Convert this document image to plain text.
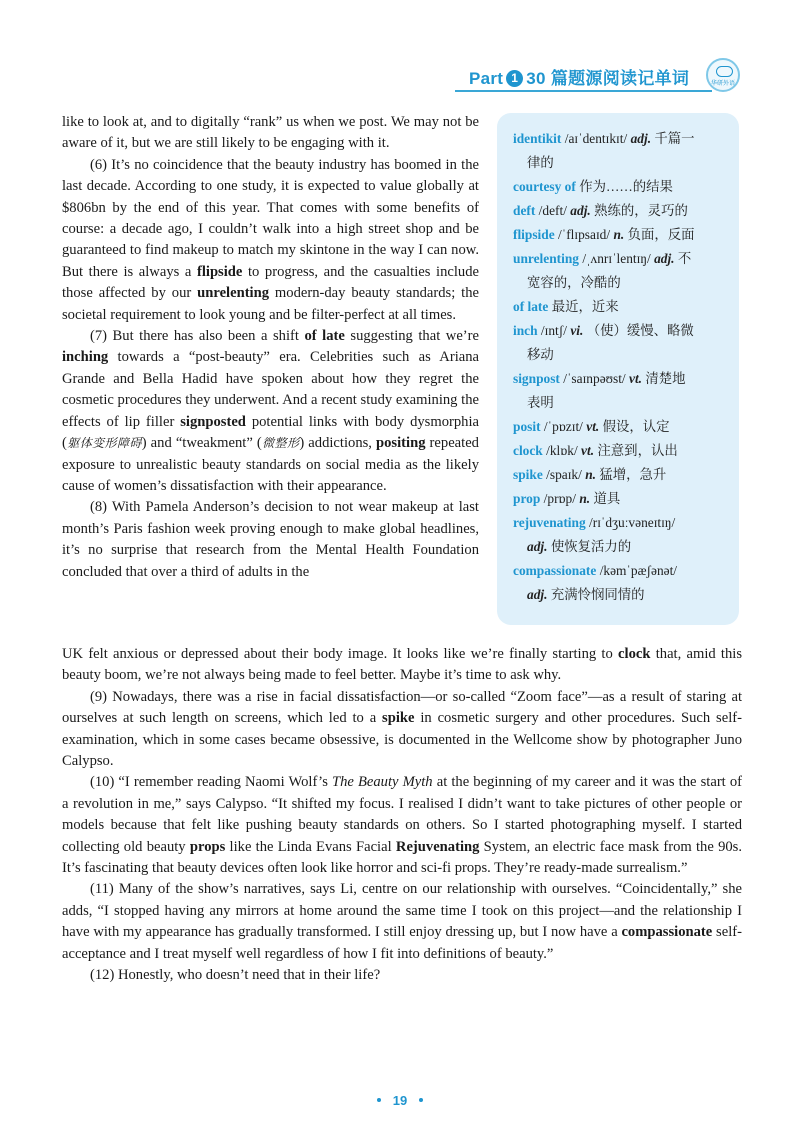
Part 1 30 篇题源阅读记单词	华研外语
identikit /aɪˈdentɪkɪt/ adj. 千篇一
律的
courtesy of 作为……的结果
deft /deft/ adj. 熟练的，灵巧的
flipside /ˈflɪpsaɪd/ n. 负面，反面
unrelenting /ˌʌnrɪˈlentɪŋ/ adj. 不
宽容的，冷酷的
of late 最近，近来
inch /ɪntʃ/ vi. （使）缓慢、略微
移动
signpost /ˈsaɪnpəʊst/ vt. 清楚地
表明
posit /ˈpɒzɪt/ vt. 假设，认定
clock /klɒk/ vt. 注意到，认出
spike /spaɪk/ n. 猛增，急升
prop /prɒp/ n. 道具
rejuvenating /rɪˈdʒuːvəneɪtɪŋ/
adj. 使恢复活力的
compassionate /kəmˈpæʃənət/
adj. 充满怜悯同情的

like to look at, and to digitally “rank” us when we post. We may not be aware of it, but we are still likely to be engaging with it.

(6) It’s no coincidence that the beauty industry has boomed in the last decade. According to one study, it is expected to value globally at $806bn by the end of this year. That comes with some benefits of course: a decade ago, I couldn’t walk into a high street shop and be guaranteed to find makeup to match my skintone in the way I can now. But there is always a flipside to progress, and the casualties include those affected by our unrelenting modern-day beauty standards; the societal requirement to look young and be filter-perfect at all times.

(7) But there has also been a shift of late suggesting that we’re inching towards a “post-beauty” era. Celebrities such as Ariana Grande and Bella Hadid have spoken about how they regret the cosmetic procedures they underwent. And a recent study examining the effects of lip filler signposted potential links with body dysmorphia (躯体变形障碍) and “tweakment” (微整形) addictions, positing repeated exposure to unrealistic beauty standards on social media as the likely cause of women’s dissatisfaction with their appearance.

(8) With Pamela Anderson’s decision to not wear makeup at last month’s Paris fashion week proving enough to make global headlines, it’s no surprise that research from the Mental Health Foundation concluded that over a third of adults in the

UK felt anxious or depressed about their body image. It looks like we’re finally starting to clock that, amid this beauty boom, we’re not always being made to feel better. Maybe it’s time to ask why.

(9) Nowadays, there was a rise in facial dissatisfaction—or so-called “Zoom face”—as a result of staring at ourselves at such length on screens, which led to a spike in cosmetic surgery and other procedures. Such self-examination, which in some cases became obsessive, is documented in the Wellcome show by photographer Juno Calypso.

(10) “I remember reading Naomi Wolf’s The Beauty Myth at the beginning of my career and it was the start of a revolution in me,” says Calypso. “It shifted my focus. I realised I didn’t want to take pictures of other people or models because that felt like pushing beauty standards on others. So I started photographing myself. I started collecting old beauty props like the Linda Evans Facial Rejuvenating System, an electric face mask from the 90s. It’s fascinating that beauty devices often look like horror and sci-fi props. They’re ready-made surrealism.”

(11) Many of the show’s narratives, says Li, centre on our relationship with ourselves. “Coincidentally,” she adds, “I stopped having any mirrors at home around the same time I took on this project—and the relationship I have with my appearance has gradually transformed. I still enjoy dressing up, but I now have a compassionate self-acceptance and I treat myself well regardless of how I fit into definitions of beauty.”

(12) Honestly, who doesn’t need that in their life?

19
